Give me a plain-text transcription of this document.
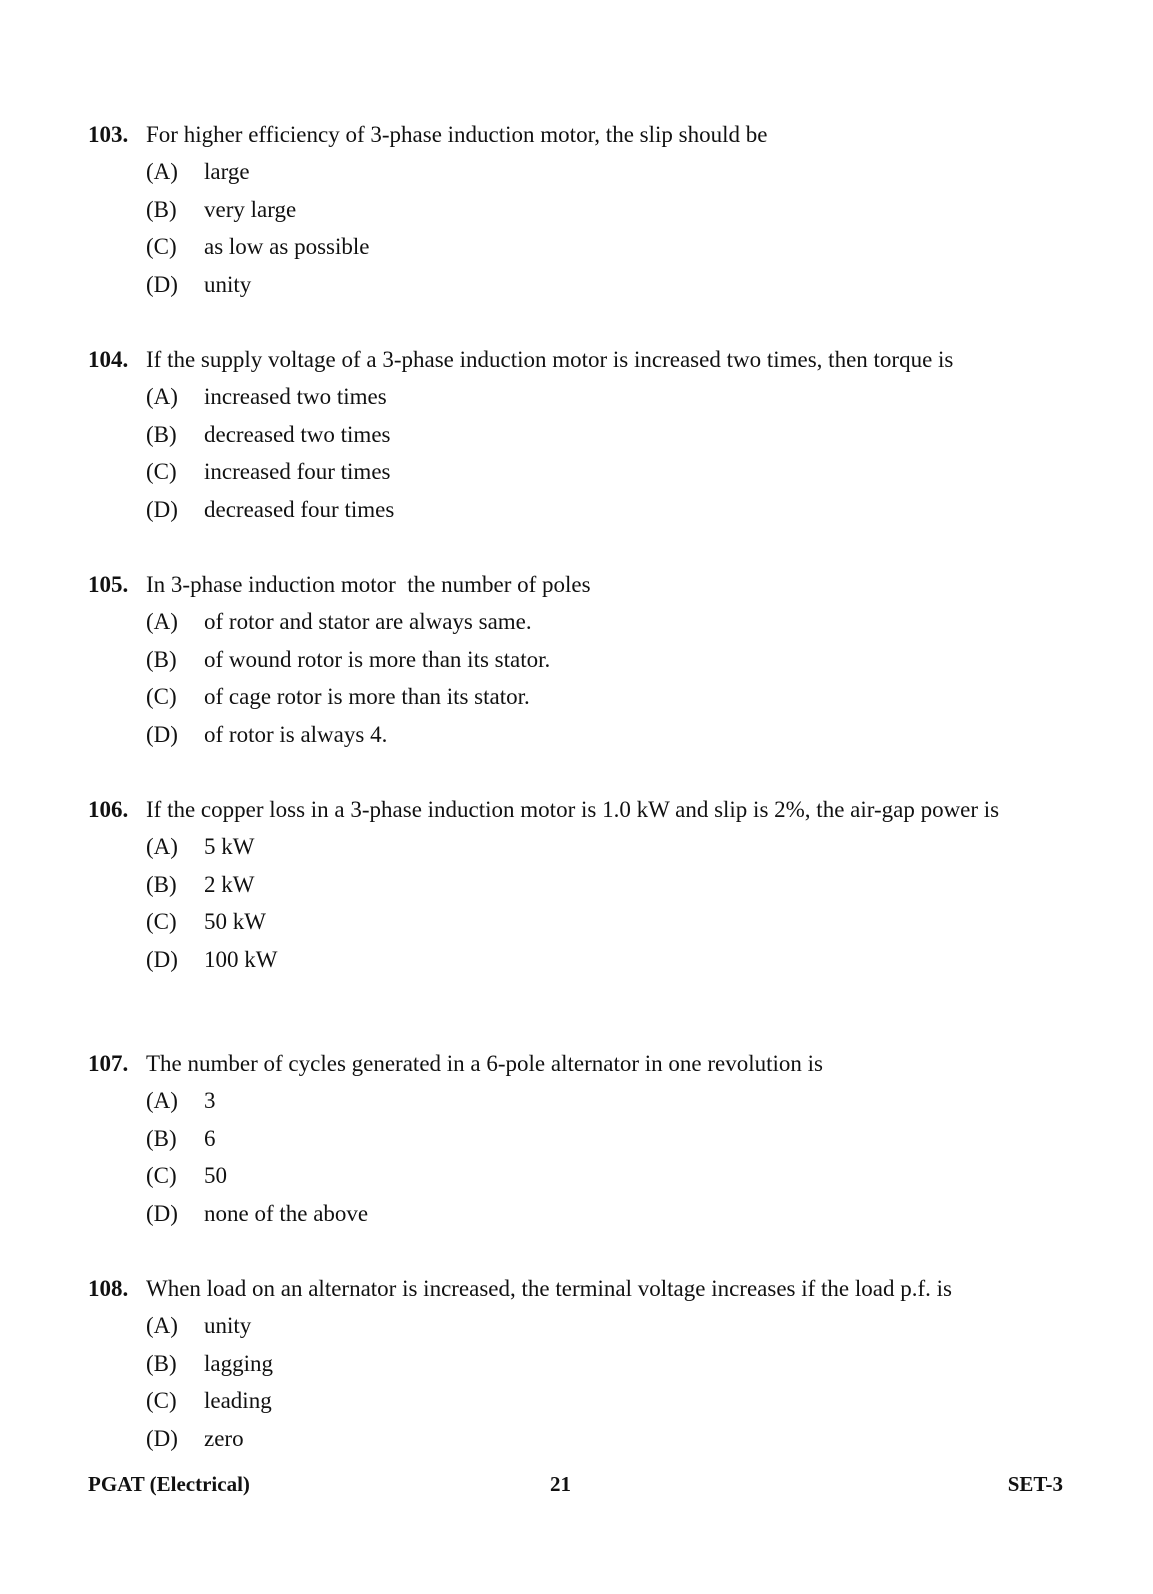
103. For higher efficiency of 3-phase induction motor, the slip should be
(A) large
(B) very large
(C) as low as possible
(D) unity
104. If the supply voltage of a 3-phase induction motor is increased two times, then torque is
(A) increased two times
(B) decreased two times
(C) increased four times
(D) decreased four times
105. In 3-phase induction motor  the number of poles
(A) of rotor and stator are always same.
(B) of wound rotor is more than its stator.
(C) of cage rotor is more than its stator.
(D) of rotor is always 4.
106. If the copper loss in a 3-phase induction motor is 1.0 kW and slip is 2%, the air-gap power is
(A) 5 kW
(B) 2 kW
(C) 50 kW
(D) 100 kW
107. The number of cycles generated in a 6-pole alternator in one revolution is
(A) 3
(B) 6
(C) 50
(D) none of the above
108. When load on an alternator is increased, the terminal voltage increases if the load p.f. is
(A) unity
(B) lagging
(C) leading
(D) zero
PGAT (Electrical)	21	SET-3
